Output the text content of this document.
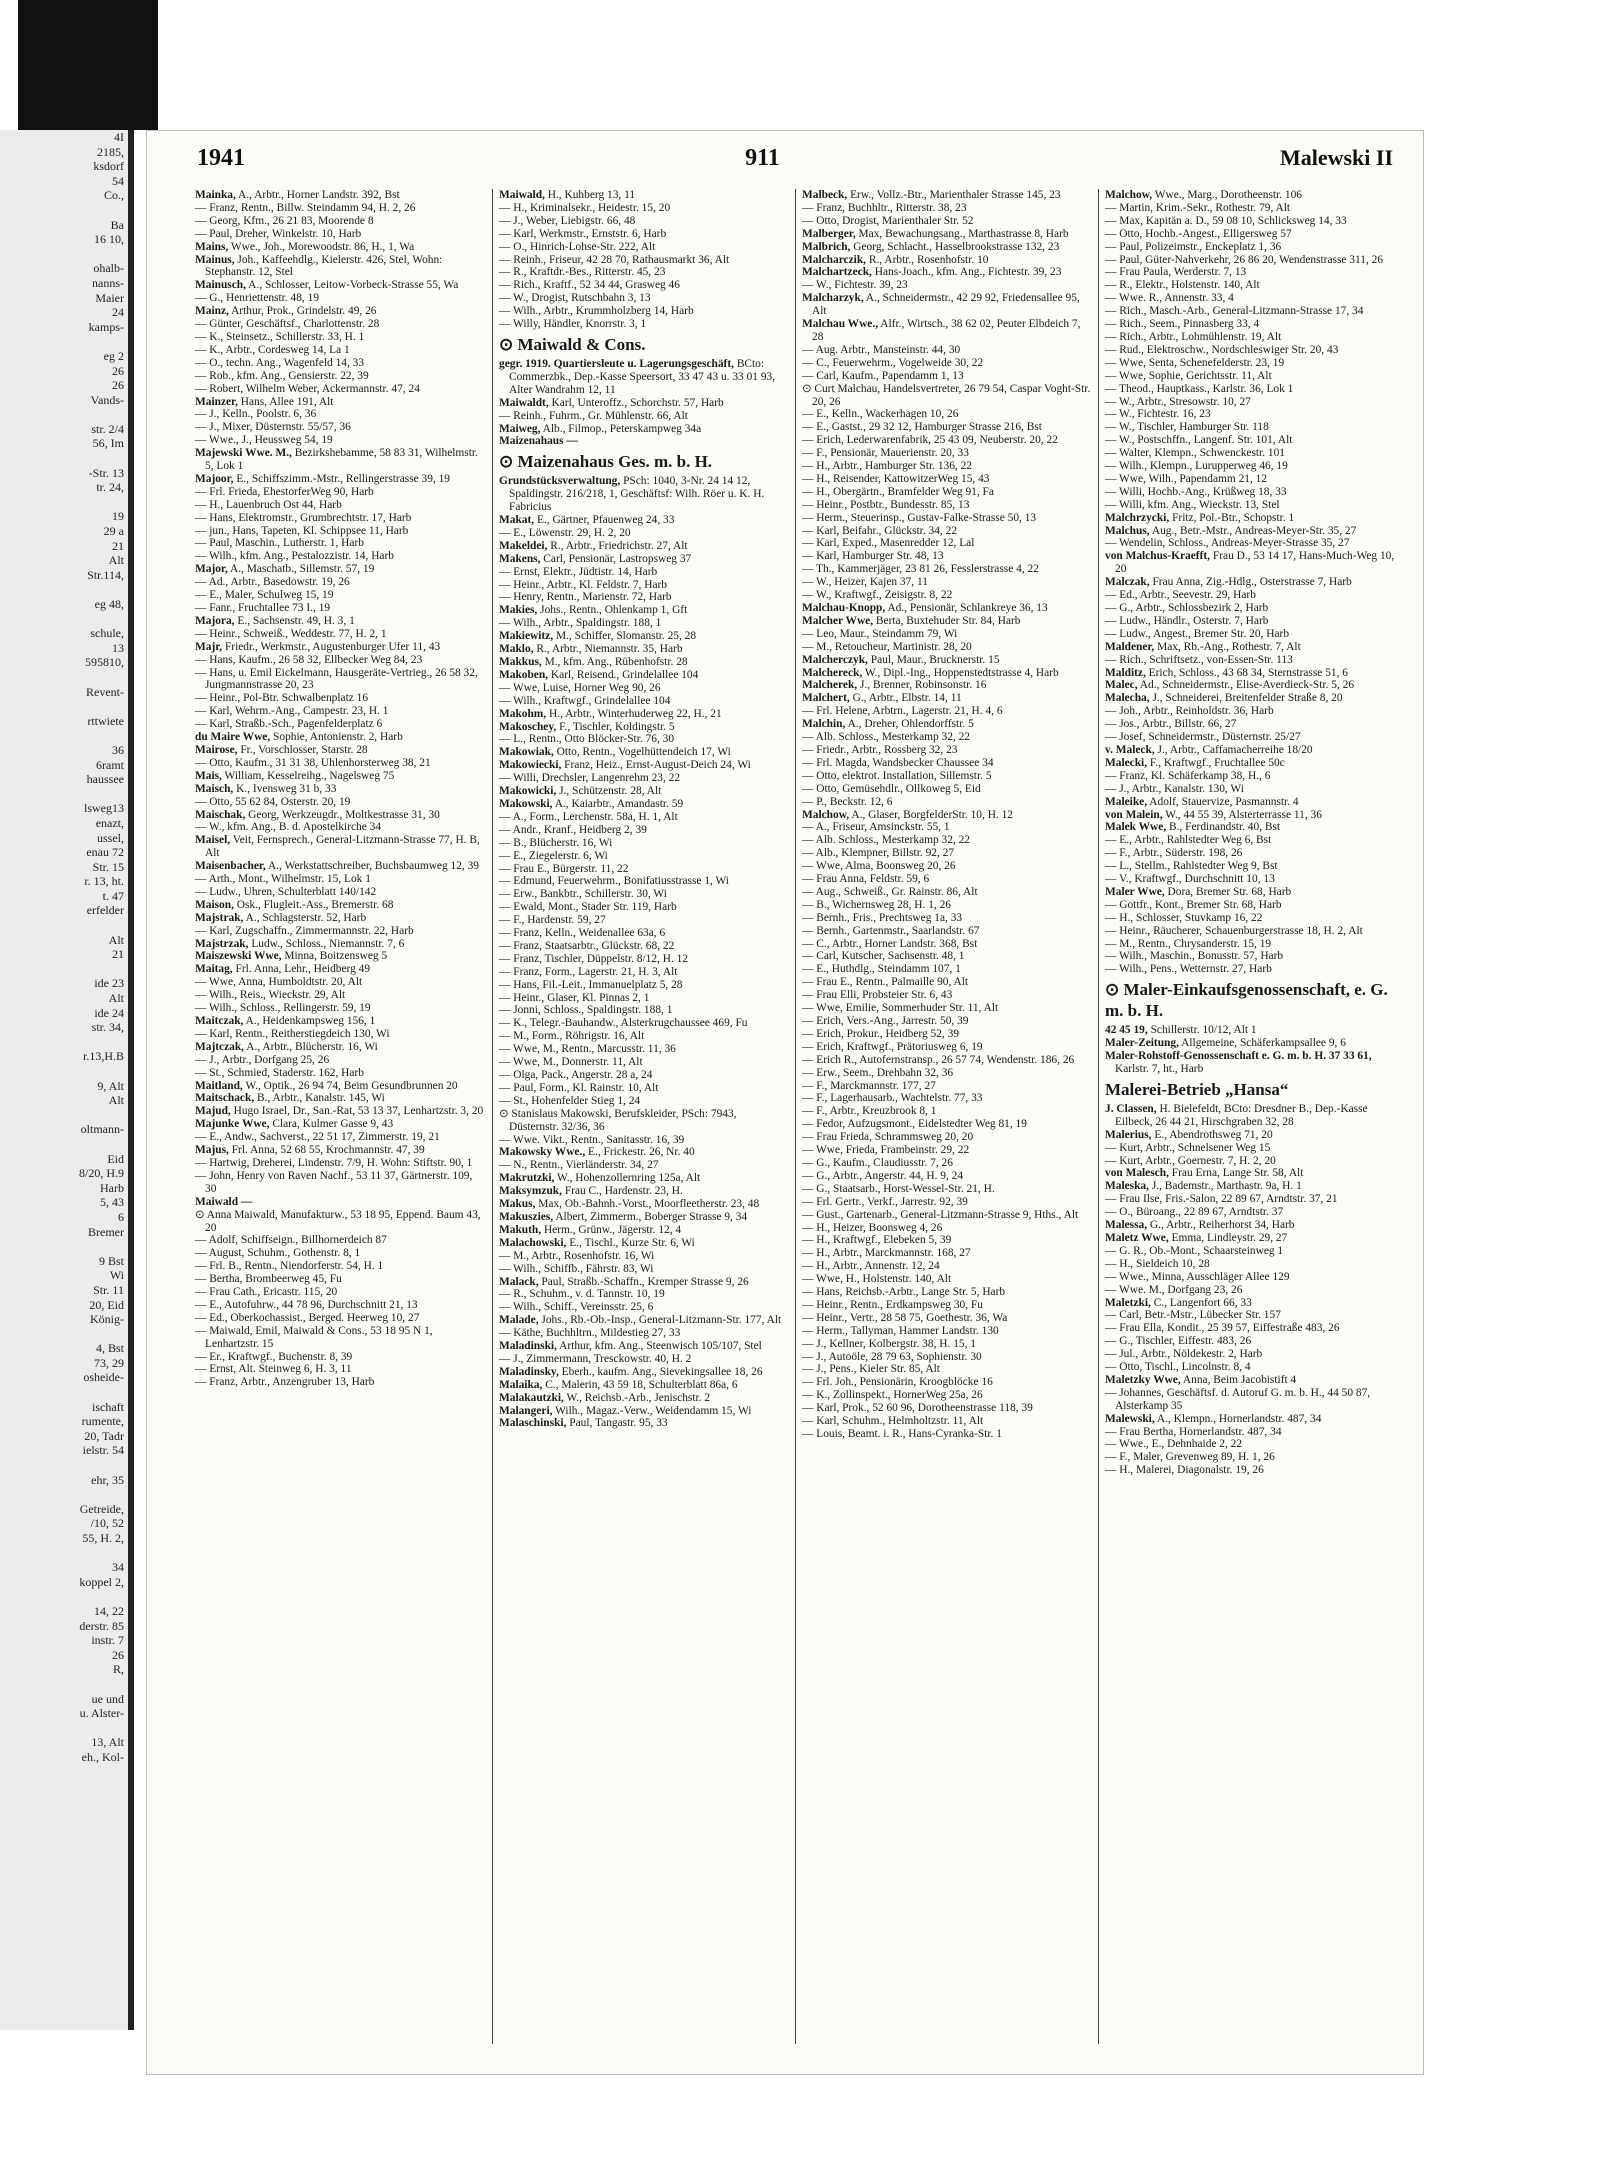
4I
2185,
ksdorf
54
Co.,

Ba
16 10,

ohalb-
nanns-
Maier
24
kamps-

eg 2
26
26
Vands-

str. 2/4
56, Im

-Str. 13
tr. 24,

19
29 a
21
Alt
Str.114,

eg 48,

schule,
13
595810,

Revent-

rttwiete

36
6ramt
haussee

lsweg13
enazt,
ussel,
enau 72
Str. 15
r. 13, ht.
t. 47
erfelder

Alt
21

ide 23
Alt
ide 24
str. 34,

r.13,H.B

9, Alt
Alt

oltmann-

Eid
8/20, H.9
Harb
5, 43
6
Bremer

9 Bst
Wi
Str. 11
20, Eid
König-

4, Bst
73, 29
osheide-

ischaft
rumente,
20, Tadr
ielstr. 54

ehr, 35

Getreide,
/10, 52
55, H. 2,

34
koppel 2,

14, 22
derstr. 85
instr. 7
26
R,

ue und
u. Alster-

13, Alt
eh., Kol-
1941	911	Malewski II

Mainka, A., Arbtr., Horner Landstr. 392, Bst

— Franz, Rentn., Billw. Steindamm 94, H. 2, 26

— Georg, Kfm., 26 21 83, Moorende 8

— Paul, Dreher, Winkelstr. 10, Harb

Mains, Wwe., Joh., Morewoodstr. 86, H., 1, Wa

Mainus, Joh., Kaffeehdlg., Kielerstr. 426, Stel, Wohn: Stephanstr. 12, Stel

Mainusch, A., Schlosser, Leitow-Vorbeck-Strasse 55, Wa

— G., Henriettenstr. 48, 19

Mainz, Arthur, Prok., Grindelstr. 49, 26

— Günter, Geschäftsf., Charlottenstr. 28

— K., Steinsetz., Schillerstr. 33, H. 1

— K., Arbtr., Cordesweg 14, La 1

— O., techn. Ang., Wagenfeld 14, 33

— Rob., kfm. Ang., Gensierstr. 22, 39

— Robert, Wilhelm Weber, Ackermannstr. 47, 24

Mainzer, Hans, Allee 191, Alt

— J., Kelln., Poolstr. 6, 36

— J., Mixer, Düsternstr. 55/57, 36

— Wwe., J., Heussweg 54, 19

Majewski Wwe. M., Bezirkshebamme, 58 83 31, Wilhelmstr. 5, Lok 1

Majoor, E., Schiffszimm.-Mstr., Rellingerstrasse 39, 19

— Frl. Frieda, EhestorferWeg 90, Harb

— H., Lauenbruch Ost 44, Harb

— Hans, Elektromstr., Grumbrechtstr. 17, Harb

— jun., Hans, Tapeten, Kl. Schippsee 11, Harb

— Paul, Maschin., Lutherstr. 1, Harb

— Wilh., kfm. Ang., Pestalozzistr. 14, Harb

Major, A., Maschatb., Sillemstr. 57, 19

— Ad., Arbtr., Basedowstr. 19, 26

— E., Maler, Schulweg 15, 19

— Fanr., Fruchtallee 73 I., 19

Majora, E., Sachsenstr. 49, H. 3, 1

— Heinr., Schweiß., Weddestr. 77, H. 2, 1

Majr, Friedr., Werkmstr., Augustenburger Ufer 11, 43

— Hans, Kaufm., 26 58 32, Ellbecker Weg 84, 23

— Hans, u. Emil Eickelmann, Hausgeräte-Vertrieg., 26 58 32, Jungmannstrasse 20, 23

— Heinr., Pol-Btr. Schwalbenplatz 16

— Karl, Wehrm.-Ang., Campestr. 23, H. 1

— Karl, Straßb.-Sch., Pagenfelderplatz 6

du Maire Wwe, Sophie, Antonienstr. 2, Harb

Mairose, Fr., Vorschlosser, Starstr. 28

— Otto, Kaufm., 31 31 38, Uhlenhorsterweg 38, 21

Mais, William, Kesselreihg., Nagelsweg 75

Maisch, K., Ivensweg 31 b, 33

— Otto, 55 62 84, Osterstr. 20, 19

Maischak, Georg, Werkzeugdr., Moltkestrasse 31, 30

— W., kfm. Ang., B. d. Apostelkirche 34

Maisel, Veit, Fernsprech., General-Litzmann-Strasse 77, H. B, Alt

Maisenbacher, A., Werkstattschreiber, Buchsbaumweg 12, 39

— Arth., Mont., Wilhelmstr. 15, Lok 1

— Ludw., Uhren, Schulterblatt 140/142

Maison, Osk., Flugleit.-Ass., Bremerstr. 68

Majstrak, A., Schlagsterstr. 52, Harb

— Karl, Zugschaffn., Zimmermannstr. 22, Harb

Majstrzak, Ludw., Schloss., Niemannstr. 7, 6

Maiszewski Wwe, Minna, Boitzensweg 5

Maitag, Frl. Anna, Lehr., Heidberg 49

— Wwe, Anna, Humboldtstr. 20, Alt

— Wilh., Reis., Wieckstr. 29, Alt

— Wilh., Schloss., Rellingerstr. 59, 19

Maitczak, A., Heidenkampsweg 156, 1

— Karl, Rentn., Reitherstiegdeich 130, Wi

Majtczak, A., Arbtr., Blücherstr. 16, Wi

— J., Arbtr., Dorfgang 25, 26

— St., Schmied, Staderstr. 162, Harb

Maitland, W., Optik., 26 94 74, Beim Gesundbrunnen 20

Maitschack, B., Arbtr., Kanalstr. 145, Wi

Majud, Hugo Israel, Dr., San.-Rat, 53 13 37, Lenhartzstr. 3, 20

Majunke Wwe, Clara, Kulmer Gasse 9, 43

— E., Andw., Sachverst., 22 51 17, Zimmerstr. 19, 21

Majus, Frl. Anna, 52 68 55, Krochmannstr. 47, 39

— Hartwig, Dreherei, Lindenstr. 7/9, H. Wohn: Stiftstr. 90, 1

— John, Henry von Raven Nachf., 53 11 37, Gärtnerstr. 109, 30

Maiwald —

⊙ Anna Maiwald, Manufakturw., 53 18 95, Eppend. Baum 43, 20

— Adolf, Schiffseign., Billhornerdeich 87

— August, Schuhm., Gothenstr. 8, 1

— Frl. B., Rentn., Niendorferstr. 54, H. 1

— Bertha, Brombeerweg 45, Fu

— Frau Cath., Ericastr. 115, 20

— E., Autofuhrw., 44 78 96, Durchschnitt 21, 13

— Ed., Oberkochassist., Berged. Heerweg 10, 27

— Maiwald, Emil, Maiwald & Cons., 53 18 95 N 1, Lenhartzstr. 15

— Er., Kraftwgf., Buchenstr. 8, 39

— Ernst, Alt. Steinweg 6, H. 3, 11

— Franz, Arbtr., Anzengruber 13, Harb

Maiwald, H., Kuhberg 13, 11

— H., Kriminalsekr., Heidestr. 15, 20

— J., Weber, Liebigstr. 66, 48

— Karl, Werkmstr., Ernststr. 6, Harb

— O., Hinrich-Lohse-Str. 222, Alt

— Reinh., Friseur, 42 28 70, Rathausmarkt 36, Alt

— R., Kraftdr.-Bes., Ritterstr. 45, 23

— Rich., Kraftf., 52 34 44, Grasweg 46

— W., Drogist, Rutschbahn 3, 13

— Wilh., Arbtr., Krummholzberg 14, Harb

— Willy, Händler, Knorrstr. 3, 1

⊙ Maiwald & Cons.

gegr. 1919. Quartiersleute u. Lagerungsgeschäft, BCto: Commerzbk., Dep.-Kasse Speersort, 33 47 43 u. 33 01 93, Alter Wandrahm 12, 11

Maiwaldt, Karl, Unteroffz., Schorchstr. 57, Harb

— Reinh., Fuhrm., Gr. Mühlenstr. 66, Alt

Maiweg, Alb., Filmop., Peterskampweg 34a

Maizenahaus —

⊙ Maizenahaus Ges. m. b. H.

Grundstücksverwaltung, PSch: 1040, 3-Nr. 24 14 12, Spaldingstr. 216/218, 1, Geschäftsf: Wilh. Röer u. K. H. Fabricius

Makat, E., Gärtner, Pfauenweg 24, 33

— E., Löwenstr. 29, H. 2, 20

Makeldei, R., Arbtr., Friedrichstr. 27, Alt

Makens, Carl, Pensionär, Lastropsweg 37

— Ernst, Elektr., Jüdtistr. 14, Harb

— Heinr., Arbtr., Kl. Feldstr. 7, Harb

— Henry, Rentn., Marienstr. 72, Harb

Makies, Johs., Rentn., Ohlenkamp 1, Gft

— Wilh., Arbtr., Spaldingstr. 188, 1

Makiewitz, M., Schiffer, Slomanstr. 25, 28

Maklo, R., Arbtr., Niemannstr. 35, Harb

Makkus, M., kfm. Ang., Rübenhofstr. 28

Makoben, Karl, Reisend., Grindelallee 104

— Wwe, Luise, Horner Weg 90, 26

— Wilh., Kraftwgf., Grindelallee 104

Makohm, H., Arbtr., Winterhuderweg 22, H., 21

Makoschey, F., Tischler, Koldingstr. 5

— L., Rentn., Otto Blöcker-Str. 76, 30

Makowiak, Otto, Rentn., Vogelhüttendeich 17, Wi

Makowiecki, Franz, Heiz., Ernst-August-Deich 24, Wi

— Willi, Drechsler, Langenrehm 23, 22

Makowicki, J., Schützenstr. 28, Alt

Makowski, A., Kaiarbtr., Amandastr. 59

— A., Form., Lerchenstr. 58a, H. 1, Alt

— Andr., Kranf., Heidberg 2, 39

— B., Blücherstr. 16, Wi

— E., Ziegelerstr. 6, Wi

— Frau E., Bürgerstr. 11, 22

— Edmund, Feuerwehrm., Bonifatiusstrasse 1, Wi

— Erw., Bankbtr., Schillerstr. 30, Wi

— Ewald, Mont., Stader Str. 119, Harb

— F., Hardenstr. 59, 27

— Franz, Kelln., Weidenallee 63a, 6

— Franz, Staatsarbtr., Glückstr. 68, 22

— Franz, Tischler, Düppelstr. 8/12, H. 12

— Franz, Form., Lagerstr. 21, H. 3, Alt

— Hans, Fil.-Leit., Immanuelplatz 5, 28

— Heinr., Glaser, Kl. Pinnas 2, 1

— Jonni, Schloss., Spaldingstr. 188, 1

— K., Telegr.-Bauhandw., Alsterkrugchaussee 469, Fu

— M., Form., Röhrigstr. 16, Alt

— Wwe, M., Rentn., Marcusstr. 11, 36

— Wwe, M., Donnerstr. 11, Alt

— Olga, Pack., Angerstr. 28 a, 24

— Paul, Form., Kl. Rainstr. 10, Alt

— St., Hohenfelder Stieg 1, 24

⊙ Stanislaus Makowski, Berufskleider, PSch: 7943, Düsternstr. 32/36, 36

— Wwe. Vikt., Rentn., Sanitasstr. 16, 39

Makowsky Wwe., E., Frickestr. 26, Nr. 40

— N., Rentn., Vierländerstr. 34, 27

Makrutzki, W., Hohenzollernring 125a, Alt

Maksymzuk, Frau C., Hardenstr. 23, H.

Makus, Max, Ob.-Bahnh.-Vorst., Moorfleetherstr. 23, 48

Makuszies, Albert, Zimmerm., Boberger Strasse 9, 34

Makuth, Herm., Grünw., Jägerstr. 12, 4

Malachowski, E., Tischl., Kurze Str. 6, Wi

— M., Arbtr., Rosenhofstr. 16, Wi

— Wilh., Schiffb., Fährstr. 83, Wi

Malack, Paul, Straßb.-Schaffn., Kremper Strasse 9, 26

— R., Schuhm., v. d. Tannstr. 10, 19

— Wilh., Schiff., Vereinsstr. 25, 6

Malade, Johs., Rb.-Ob.-Insp., General-Litzmann-Str. 177, Alt

— Käthe, Buchhltrn., Mildestieg 27, 33

Maladinski, Arthur, kfm. Ang., Steenwisch 105/107, Stel

— J., Zimmermann, Tresckowstr. 40, H. 2

Maladinsky, Eberh., kaufm. Ang., Sievekingsallee 18, 26

Malaika, C., Malerin, 43 59 18, Schulterblatt 86a, 6

Malakautzki, W., Reichsb.-Arb., Jenischstr. 2

Malangeri, Wilh., Magaz.-Verw., Weidendamm 15, Wi

Malaschinski, Paul, Tangastr. 95, 33

Malbeck, Erw., Vollz.-Btr., Marienthaler Strasse 145, 23

— Franz, Buchhltr., Ritterstr. 38, 23

— Otto, Drogist, Marienthaler Str. 52

Malberger, Max, Bewachungsang., Marthastrasse 8, Harb

Malbrich, Georg, Schlacht., Hasselbrookstrasse 132, 23

Malcharczik, R., Arbtr., Rosenhofstr. 10

Malchartzeck, Hans-Joach., kfm. Ang., Fichtestr. 39, 23

— W., Fichtestr. 39, 23

Malcharzyk, A., Schneidermstr., 42 29 92, Friedensallee 95, Alt

Malchau Wwe., Alfr., Wirtsch., 38 62 02, Peuter Elbdeich 7, 28

— Aug. Arbtr., Mansteinstr. 44, 30

— C., Feuerwehrm., Vogelweide 30, 22

— Carl, Kaufm., Papendamm 1, 13

⊙ Curt Malchau, Handelsvertreter, 26 79 54, Caspar Voght-Str. 20, 26

— E., Kelln., Wackerhagen 10, 26

— E., Gastst., 29 32 12, Hamburger Strasse 216, Bst

— Erich, Lederwarenfabrik, 25 43 09, Neuberstr. 20, 22

— F., Pensionär, Mauerienstr. 20, 33

— H., Arbtr., Hamburger Str. 136, 22

— H., Reisender, KattowitzerWeg 15, 43

— H., Obergärtn., Bramfelder Weg 91, Fa

— Heinr., Postbtr., Bundesstr. 85, 13

— Herm., Steuerinsp., Gustav-Falke-Strasse 50, 13

— Karl, Beifahr., Glückstr. 34, 22

— Karl, Exped., Masenredder 12, Lal

— Karl, Hamburger Str. 48, 13

— Th., Kammerjäger, 23 81 26, Fesslerstrasse 4, 22

— W., Heizer, Kajen 37, 11

— W., Kraftwgf., Zeisigstr. 8, 22

Malchau-Knopp, Ad., Pensionär, Schlankreye 36, 13

Malcher Wwe, Berta, Buxtehuder Str. 84, Harb

— Leo, Maur., Steindamm 79, Wi

— M., Retoucheur, Martinistr. 28, 20

Malcherczyk, Paul, Maur., Brucknerstr. 15

Malchereck, W., Dipl.-Ing., Hoppenstedtstrasse 4, Harb

Malcherek, J., Brenner, Robinsonstr. 16

Malchert, G., Arbtr., Elbstr. 14, 11

— Frl. Helene, Arbtrn., Lagerstr. 21, H. 4, 6

Malchin, A., Dreher, Ohlendorffstr. 5

— Alb. Schloss., Mesterkamp 32, 22

— Friedr., Arbtr., Rossberg 32, 23

— Frl. Magda, Wandsbecker Chaussee 34

— Otto, elektrot. Installation, Sillemstr. 5

— Otto, Gemüsehdlr., Ollkoweg 5, Eid

— P., Beckstr. 12, 6

Malchow, A., Glaser, BorgfelderStr. 10, H. 12

— A., Friseur, Amsinckstr. 55, 1

— Alb. Schloss., Mesterkamp 32, 22

— Alb., Klempner, Billstr. 92, 27

— Wwe, Alma, Boonsweg 20, 26

— Frau Anna, Feldstr. 59, 6

— Aug., Schweiß., Gr. Rainstr. 86, Alt

— B., Wichernsweg 28, H. 1, 26

— Bernh., Fris., Prechtsweg 1a, 33

— Bernh., Gartenmstr., Saarlandstr. 67

— C., Arbtr., Horner Landstr. 368, Bst

— Carl, Kutscher, Sachsenstr. 48, 1

— E., Huthdlg., Steindamm 107, 1

— Frau E., Rentn., Palmaille 90, Alt

— Frau Elli, Probsteier Str. 6, 43

— Wwe, Emilie, Sommerhuder Str. 11, Alt

— Erich, Vers.-Ang., Jarrestr. 50, 39

— Erich, Prokur., Heidberg 52, 39

— Erich, Kraftwgf., Prätoriusweg 6, 19

— Erich R., Autofernstransp., 26 57 74, Wendenstr. 186, 26

— Erw., Seem., Drehbahn 32, 36

— F., Marckmannstr. 177, 27

— F., Lagerhausarb., Wachtelstr. 77, 33

— F., Arbtr., Kreuzbrook 8, 1

— Fedor, Aufzugsmont., Eidelstedter Weg 81, 19

— Frau Frieda, Schrammsweg 20, 20

— Wwe, Frieda, Frambeinstr. 29, 22

— G., Kaufm., Claudiusstr. 7, 26

— G., Arbtr., Angerstr. 44, H. 9, 24

— G., Staatsarb., Horst-Wessel-Str. 21, H.

— Frl. Gertr., Verkf., Jarrestr. 92, 39

— Gust., Gartenarb., General-Litzmann-Strasse 9, Hths., Alt

— H., Heizer, Boonsweg 4, 26

— H., Kraftwgf., Elebeken 5, 39

— H., Arbtr., Marckmannstr. 168, 27

— H., Arbtr., Annenstr. 12, 24

— Wwe, H., Holstenstr. 140, Alt

— Hans, Reichsb.-Arbtr., Lange Str. 5, Harb

— Heinr., Rentn., Erdkampsweg 30, Fu

— Heinr., Vertr., 28 58 75, Goethestr. 36, Wa

— Herm., Tallyman, Hammer Landstr. 130

— J., Kellner, Kolbergstr. 38, H. 15, 1

— J., Autoöle, 28 79 63, Sophienstr. 30

— J., Pens., Kieler Str. 85, Alt

— Frl. Joh., Pensionärin, Kroogblöcke 16

— K., Zollinspekt., HornerWeg 25a, 26

— Karl, Prok., 52 60 96, Dorotheenstrasse 118, 39

— Karl, Schuhm., Helmholtzstr. 11, Alt

— Louis, Beamt. i. R., Hans-Cyranka-Str. 1

Malchow, Wwe., Marg., Dorotheenstr. 106

— Martin, Krim.-Sekr., Rothestr. 79, Alt

— Max, Kapitän a. D., 59 08 10, Schlicksweg 14, 33

— Otto, Hochb.-Angest., Elligersweg 57

— Paul, Polizeimstr., Enckeplatz 1, 36

— Paul, Güter-Nahverkehr, 26 86 20, Wendenstrasse 311, 26

— Frau Paula, Werderstr. 7, 13

— R., Elektr., Holstenstr. 140, Alt

— Wwe. R., Annenstr. 33, 4

— Rich., Masch.-Arb., General-Litzmann-Strasse 17, 34

— Rich., Seem., Pinnasberg 33, 4

— Rich., Arbtr., Lohmühlenstr. 19, Alt

— Rud., Elektroschw., Nordschleswiger Str. 20, 43

— Wwe, Senta, Schenefelderstr. 23, 19

— Wwe, Sophie, Gerichtsstr. 11, Alt

— Theod., Hauptkass., Karlstr. 36, Lok 1

— W., Arbtr., Stresowstr. 10, 27

— W., Fichtestr. 16, 23

— W., Tischler, Hamburger Str. 118

— W., Postschffn., Langenf. Str. 101, Alt

— Walter, Klempn., Schwenckestr. 101

— Wilh., Klempn., Lurupperweg 46, 19

— Wwe, Wilh., Papendamm 21, 12

— Willi, Hochb.-Ang., Krüßweg 18, 33

— Willi, kfm. Ang., Wieckstr. 13, Stel

Malchrzycki, Fritz, Pol.-Btr., Schopstr. 1

Malchus, Aug., Betr.-Mstr., Andreas-Meyer-Str. 35, 27

— Wendelin, Schloss., Andreas-Meyer-Strasse 35, 27

von Malchus-Kraefft, Frau D., 53 14 17, Hans-Much-Weg 10, 20

Malczak, Frau Anna, Zig.-Hdlg., Osterstrasse 7, Harb

— Ed., Arbtr., Seevestr. 29, Harb

— G., Arbtr., Schlossbezirk 2, Harb

— Ludw., Händlr., Osterstr. 7, Harb

— Ludw., Angest., Bremer Str. 20, Harb

Maldener, Max, Rb.-Ang., Rothestr. 7, Alt

— Rich., Schriftsetz., von-Essen-Str. 113

Malditz, Erich, Schloss., 43 68 34, Sternstrasse 51, 6

Malec, Ad., Schneidermstr., Elise-Averdieck-Str. 5, 26

Malecha, J., Schneiderei, Breitenfelder Straße 8, 20

— Joh., Arbtr., Reinholdstr. 36, Harb

— Jos., Arbtr., Billstr. 66, 27

— Josef, Schneidermstr., Düsternstr. 25/27

v. Maleck, J., Arbtr., Caffamacherreihe 18/20

Malecki, F., Kraftwgf., Fruchtallee 50c

— Franz, Kl. Schäferkamp 38, H., 6

— J., Arbtr., Kanalstr. 130, Wi

Maleike, Adolf, Stauervize, Pasmannstr. 4

von Malein, W., 44 55 39, Alsterterrasse 11, 36

Malek Wwe, B., Ferdinandstr. 40, Bst

— E., Arbtr., Rahlstedter Weg 6, Bst

— F., Arbtr., Süderstr. 198, 26

— L., Stellm., Rahlstedter Weg 9, Bst

— V., Kraftwgf., Durchschnitt 10, 13

Maler Wwe, Dora, Bremer Str. 68, Harb

— Gottfr., Kont., Bremer Str. 68, Harb

— H., Schlosser, Stuvkamp 16, 22

— Heinr., Räucherer, Schauenburgerstrasse 18, H. 2, Alt

— M., Rentn., Chrysanderstr. 15, 19

— Wilh., Maschin., Bonusstr. 57, Harb

— Wilh., Pens., Wetternstr. 27, Harb

⊙ Maler-Einkaufsgenossenschaft, e. G. m. b. H.

42 45 19, Schillerstr. 10/12, Alt 1

Maler-Zeitung, Allgemeine, Schäferkampsallee 9, 6

Maler-Rohstoff-Genossenschaft e. G. m. b. H. 37 33 61, Karlstr. 7, ht., Harb

Malerei-Betrieb „Hansa“

J. Classen, H. Bielefeldt, BCto: Dresdner B., Dep.-Kasse Eilbeck, 26 44 21, Hirschgraben 32, 28

Malerius, E., Abendrothsweg 71, 20

— Kurt, Arbtr., Schnelsener Weg 15

— Kurt, Arbtr., Goernestr. 7, H. 2, 20

von Malesch, Frau Erna, Lange Str. 58, Alt

Maleska, J., Bademstr., Marthastr. 9a, H. 1

— Frau Ilse, Fris.-Salon, 22 89 67, Arndtstr. 37, 21

— O., Büroang., 22 89 67, Arndtstr. 37

Malessa, G., Arbtr., Reiherhorst 34, Harb

Maletz Wwe, Emma, Lindleystr. 29, 27

— G. R., Ob.-Mont., Schaarsteinweg 1

— H., Sieldeich 10, 28

— Wwe., Minna, Ausschläger Allee 129

— Wwe. M., Dorfgang 23, 26

Maletzki, C., Langenfort 66, 33

— Carl, Betr.-Mstr., Lübecker Str. 157

— Frau Ella, Kondit., 25 39 57, Eiffestraße 483, 26

— G., Tischler, Eiffestr. 483, 26

— Jul., Arbtr., Nöldekestr. 2, Harb

— Otto, Tischl., Lincolnstr. 8, 4

Maletzky Wwe, Anna, Beim Jacobistift 4

— Johannes, Geschäftsf. d. Autoruf G. m. b. H., 44 50 87, Alsterkamp 35

Malewski, A., Klempn., Hornerlandstr. 487, 34

— Frau Bertha, Hornerlandstr. 487, 34

— Wwe., E., Dehnhaide 2, 22

— F., Maler, Grevenweg 89, H. 1, 26

— H., Malerei, Diagonalstr. 19, 26
